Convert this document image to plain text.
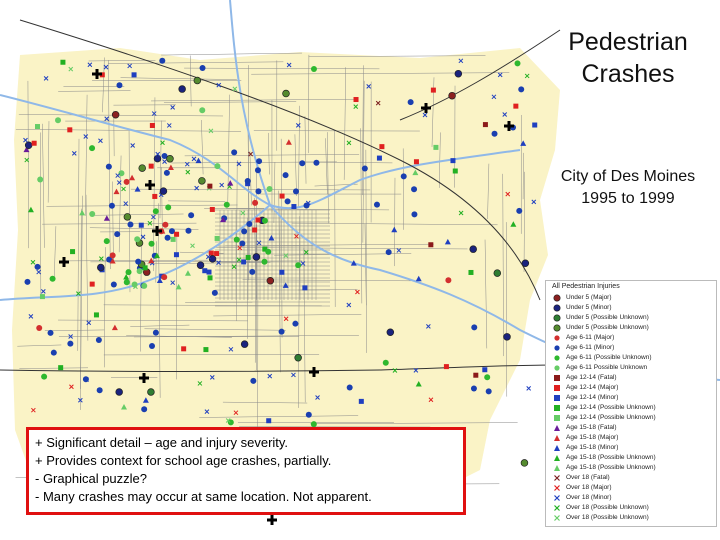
Pedestrian Crashes
City of Des Moines
1995 to 1999
All Pedestrian Injuries
Under 5 (Major)
Under 5 (Minor)
Under 5 (Possible Unknown)
Under 5 (Possible Unknown)
Age 6-11 (Major)
Age 6-11 (Minor)
Age 6-11 (Possible Unknown)
Age 6-11 Possible Unknown
Age 12-14 (Fatal)
Age 12-14 (Major)
Age 12-14 (Minor)
Age 12-14 (Possible Unknown)
Age 12-14 (Possible Unknown)
Age 15-18 (Fatal)
Age 15-18 (Major)
Age 15-18 (Minor)
Age 15-18 (Possible Unknown)
Age 15-18 (Possible Unknown)
Over 18 (Fatal)
Over 18 (Major)
Over 18 (Minor)
Over 18 (Possible Unknown)
Over 18 (Possible Unknown)
+ Significant detail – age and injury severity.
+ Provides context for school age crashes, partially.
- Graphical puzzle?
- Many crashes may occur at same location. Not apparent.
